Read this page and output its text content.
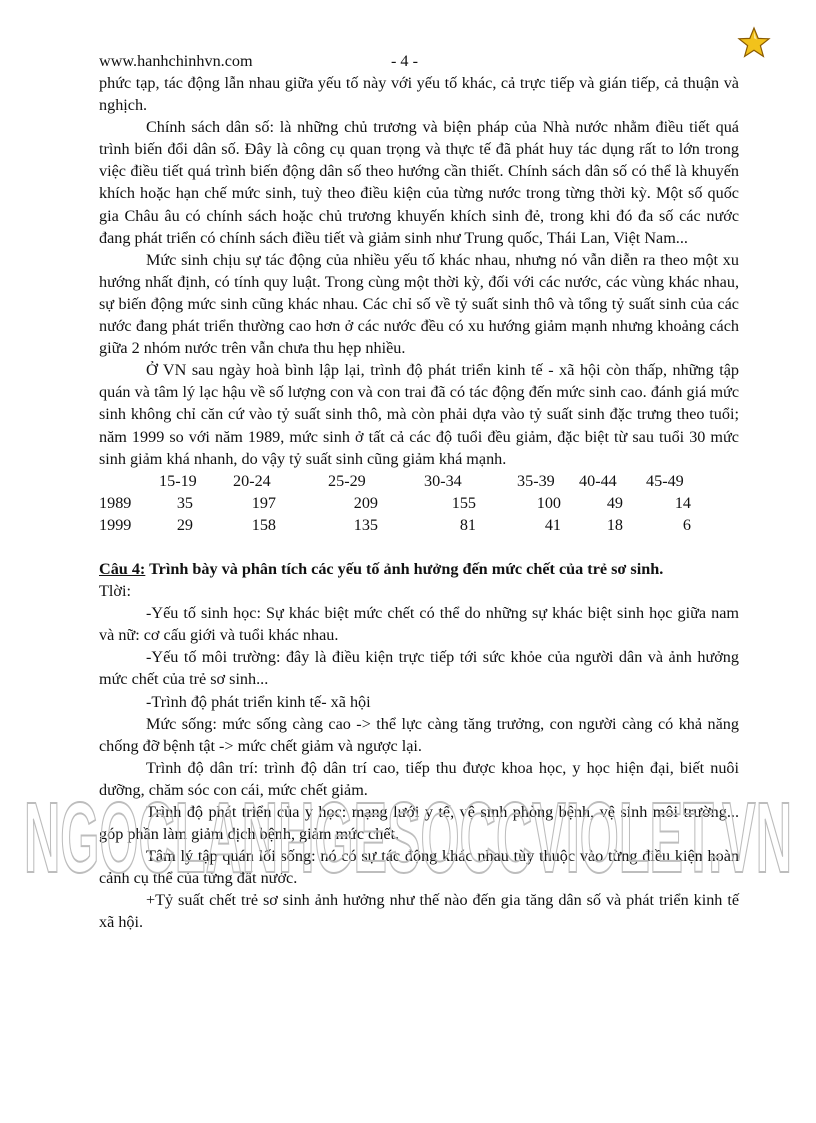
www.hanhchinhvn.com	- 4 -

phức tạp, tác động lẫn nhau giữa yếu tố này với yếu tố khác, cả trực tiếp và gián tiếp, cả thuận và nghịch.

Chính sách dân số: là những chủ trương và biện pháp của Nhà nước nhằm điều tiết quá trình biến đổi dân số. Đây là công cụ quan trọng và thực tế đã phát huy tác dụng rất to lớn trong việc điều tiết quá trình biến động dân số theo hướng cần thiết. Chính sách dân số có thể là khuyến khích hoặc hạn chế mức sinh, tuỳ theo điều kiện của từng nước trong từng thời kỳ. Một số quốc gia Châu âu có chính sách hoặc chủ trương khuyến khích sinh đẻ, trong khi đó đa số các nước đang phát triển có chính sách điều tiết và giảm sinh như Trung quốc, Thái Lan, Việt Nam...

Mức sinh chịu sự tác động của nhiều yếu tố khác nhau, nhưng nó vẫn diễn ra theo một xu hướng nhất định, có tính quy luật. Trong cùng một thời kỳ, đối với các nước, các vùng khác nhau, sự biến động mức sinh cũng khác nhau. Các chỉ số về tỷ suất sinh thô và tổng tỷ suất sinh của các nước đang phát triển thường cao hơn ở các nước đều có xu hướng giảm mạnh nhưng khoảng cách giữa 2 nhóm nước trên vẫn chưa thu hẹp nhiều.

Ở VN sau ngày hoà bình lập lại, trình độ phát triển kinh tế - xã hội còn thấp, những tập quán và tâm lý lạc hậu về số lượng con và con trai đã có tác động đến mức sinh cao. đánh giá mức sinh không chỉ căn cứ vào tỷ suất sinh thô, mà còn phải dựa vào tỷ suất sinh đặc trưng theo tuổi; năm 1999 so với năm 1989, mức sinh ở tất cả các độ tuổi đều giảm, đặc biệt từ sau tuổi 30 mức sinh giảm khá nhanh, do vậy tỷ suất sinh cũng giảm khá mạnh.

	15-19	20-24	25-29	30-34	35-39	40-44	45-49
1989	35	197	209	155	100	49	14
1999	29	158	135	81	41	18	6

Câu 4: Trình bày và phân tích các yếu tố ảnh hưởng đến mức chết của trẻ sơ sinh.

Tlời:

-Yếu tố sinh học: Sự khác biệt mức chết có thể do những sự khác biệt sinh học giữa nam và nữ: cơ cấu giới và tuổi khác nhau.

-Yếu tố môi trường: đây là điều kiện trực tiếp tới sức khỏe của người dân và ảnh hưởng mức chết của trẻ sơ sinh...

-Trình độ phát triển kinh tế- xã hội

Mức sống: mức sống càng cao -> thể lực càng tăng trưởng, con người càng có khả năng chống đỡ bệnh tật -> mức chết giảm và ngược lại.

Trình độ dân trí: trình độ dân trí cao, tiếp thu được khoa học, y học hiện đại, biết nuôi dưỡng, chăm sóc con cái, mức chết giảm.

Trình độ phát triển của y học: mạng lưới y tế, vệ sinh phòng bệnh, vệ sinh môi trường... góp phần làm giảm dịch bệnh, giảm mức chết.

Tâm lý tập quán lối sống: nó có sự tác động khác nhau tùy thuộc vào từng điều kiện hoàn cảnh cụ thể của từng đất nước.

+Tỷ suất chết trẻ sơ sinh ảnh hưởng như thế nào đến gia tăng dân số và phát triển kinh tế xã hội.

NGOCLANHGESOCCVIOLET.VN
